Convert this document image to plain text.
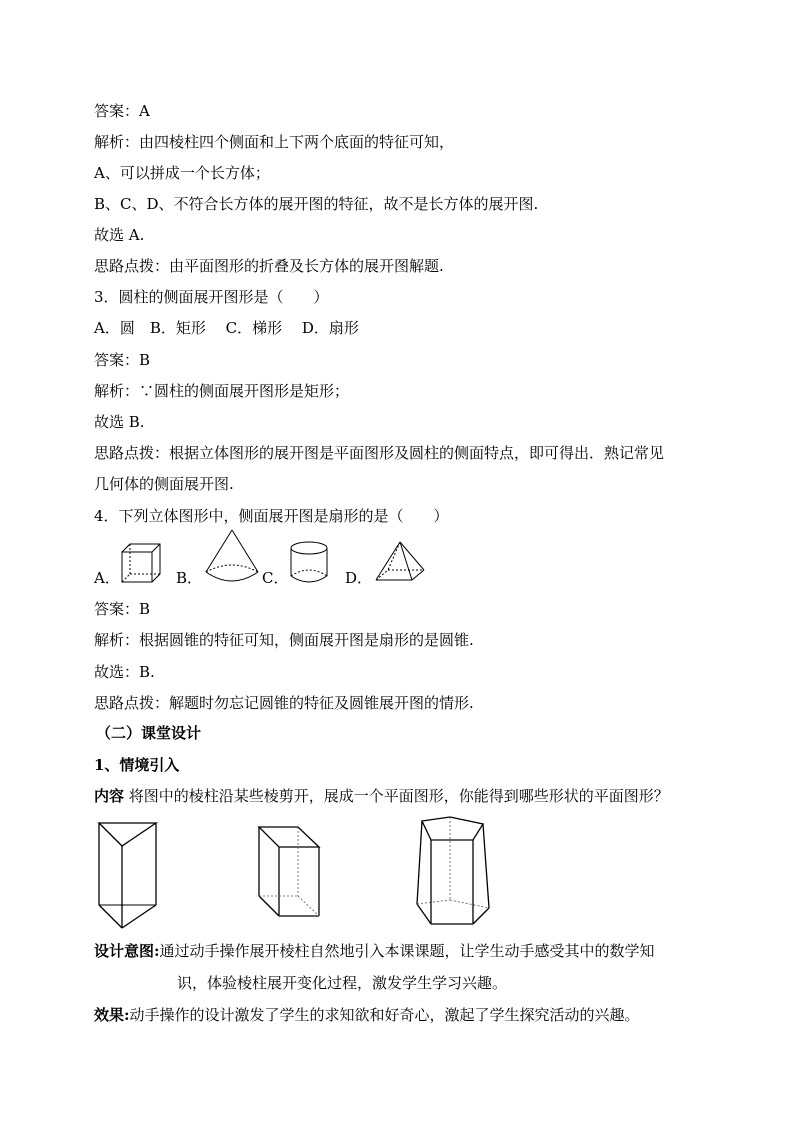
答案：A
解析：由四棱柱四个侧面和上下两个底面的特征可知，
A、可以拼成一个长方体；
B、C、D、不符合长方体的展开图的特征，故不是长方体的展开图.
故选 A.
思路点拨：由平面图形的折叠及长方体的展开图解题.
3．圆柱的侧面展开图形是（　　）
A．圆　B．矩形　 C．梯形　 D．扇形
答案：B
解析：∵圆柱的侧面展开图形是矩形；
故选 B.
思路点拨：根据立体图形的展开图是平面图形及圆柱的侧面特点，即可得出．熟记常见
几何体的侧面展开图.
4．下列立体图形中，侧面展开图是扇形的是（　　）
A．	B．	C．	D．
答案：B
解析：根据圆锥的特征可知，侧面展开图是扇形的是圆锥.
故选：B.
思路点拨：解题时勿忘记圆锥的特征及圆锥展开图的情形.
（二）课堂设计
1、情境引入
内容 将图中的棱柱沿某些棱剪开，展成一个平面图形，你能得到哪些形状的平面图形？
设计意图:通过动手操作展开棱柱自然地引入本课课题，让学生动手感受其中的数学知
识，体验棱柱展开变化过程，激发学生学习兴趣。
效果:动手操作的设计激发了学生的求知欲和好奇心，激起了学生探究活动的兴趣。
